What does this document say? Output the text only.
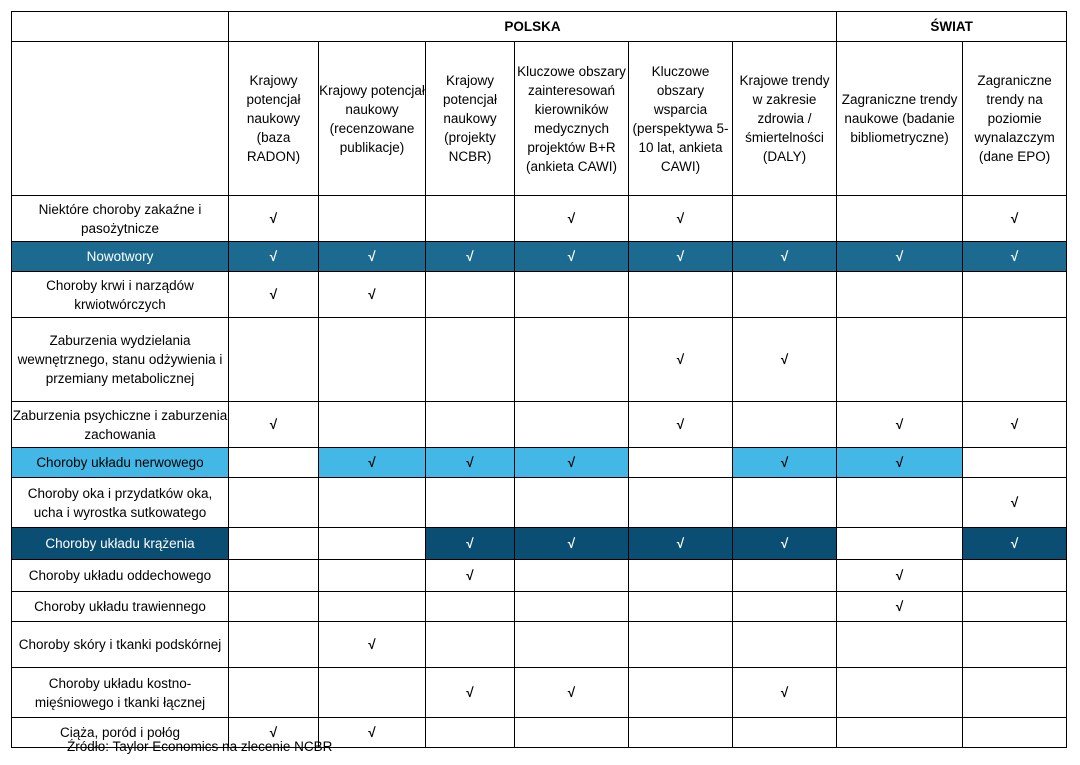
	POLSKA						ŚWIAT	
	Krajowy potencjał naukowy (baza RADON)	Krajowy potencjał naukowy (recenzowane publikacje)	Krajowy potencjał naukowy (projekty NCBR)	Kluczowe obszary zainteresowań kierowników medycznych projektów B+R (ankieta CAWI)	Kluczowe obszary wsparcia (perspektywa 5-10 lat, ankieta CAWI)	Krajowe trendy w zakresie zdrowia / śmiertelności (DALY)	Zagraniczne trendy naukowe (badanie bibliometryczne)	Zagraniczne trendy na poziomie wynalazczym (dane EPO)
Niektóre choroby zakaźne i pasożytnicze	√			√	√			√
Nowotwory	√	√	√	√	√	√	√	√
Choroby krwi i narządów krwiotwórczych	√	√						
Zaburzenia wydzielania wewnętrznego, stanu odżywienia i przemiany metabolicznej					√	√		
Zaburzenia psychiczne i zaburzenia zachowania	√				√		√	√
Choroby układu nerwowego		√	√	√		√	√	
Choroby oka i przydatków oka, ucha i wyrostka sutkowatego								√
Choroby układu krążenia			√	√	√	√		√
Choroby układu oddechowego			√				√	
Choroby układu trawiennego							√	
Choroby skóry i tkanki podskórnej		√						
Choroby układu kostno-mięśniowego i tkanki łącznej			√	√		√		
Ciąża, poród i połóg	√	√						
Źródło: Taylor Economics na zlecenie NCBR
